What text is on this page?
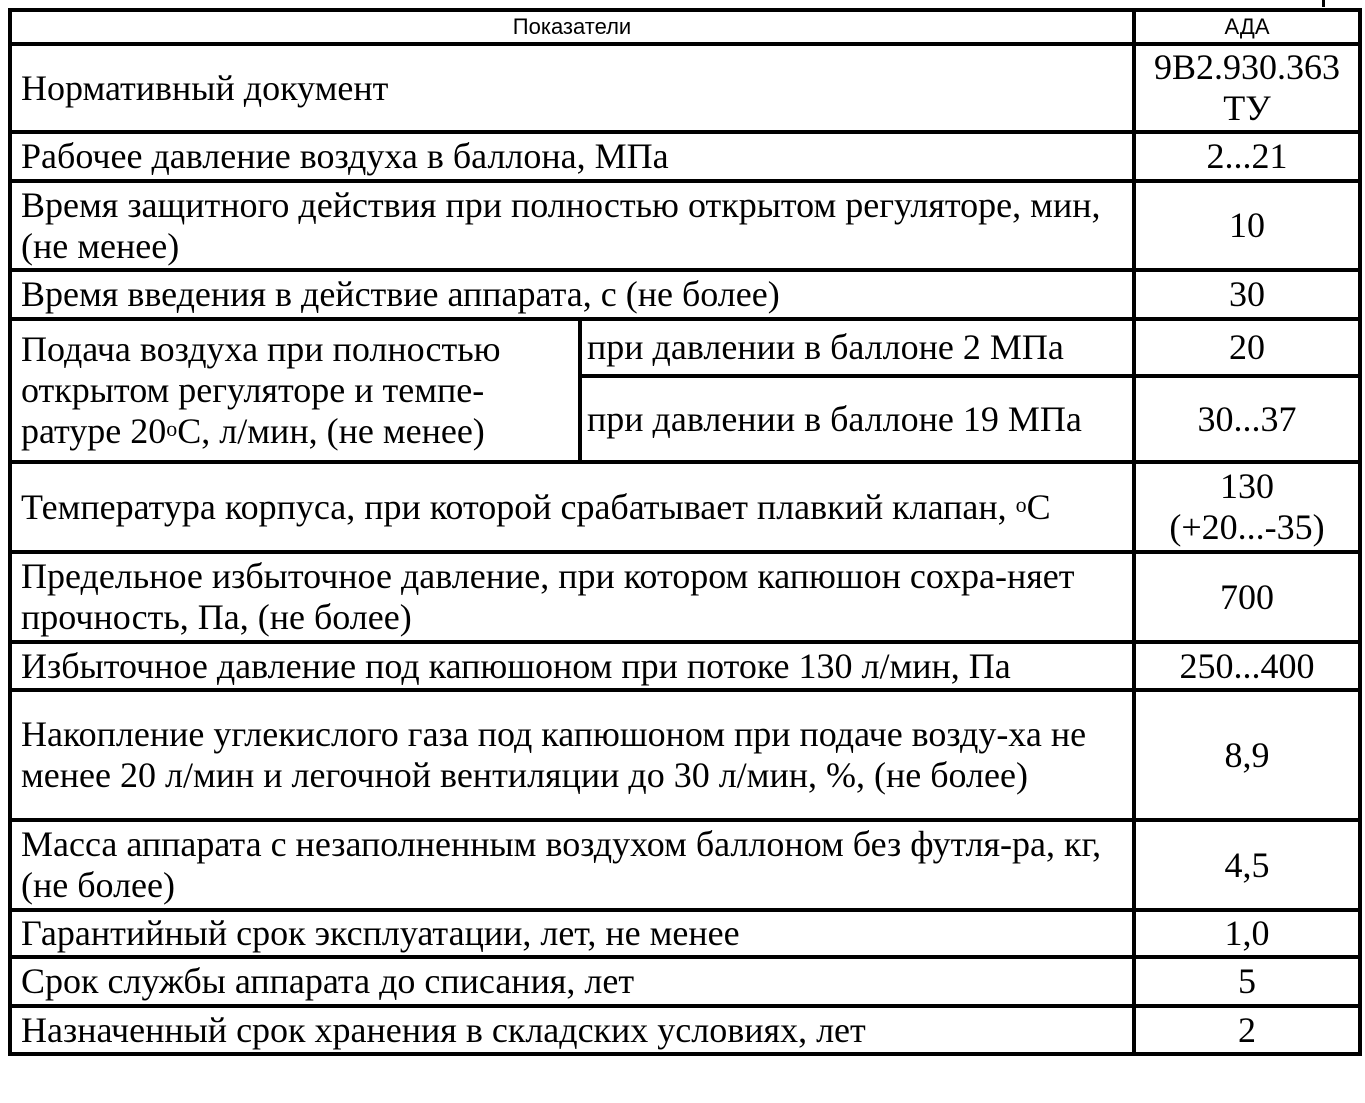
Показатели		АДА
Нормативный документ		9В2.930.363 ТУ
Рабочее давление воздуха в баллона, МПа		2...21
Время защитного действия при полностью открытом регуляторе, мин, (не менее)		10
Время введения в действие аппарата, с (не более)		30
Подача воздуха при полностью открытом регуляторе и темпе-ратуре $20^оС$, л/мин, (не менее)	при давлении в баллоне 2 МПа	20
	при давлении в баллоне 19 МПа	30...37
Температура корпуса, при которой срабатывает плавкий клапан, $^о$С		130 (+20...-35)
Предельное избыточное давление, при котором капюшон сохра-няет прочность, Па, (не более)		700
Избыточное давление под капюшоном при потоке 130 л/мин, Па		250...400
Накопление углекислого газа под капюшоном при подаче возду-ха не менее 20 л/мин и легочной вентиляции до 30 л/мин, %, (не более)		8,9
Масса аппарата с незаполненным воздухом баллоном без футля-ра, кг, (не более)		4,5
Гарантийный срок эксплуатации, лет, не менее		1,0
Срок службы аппарата до списания, лет		5
Назначенный срок хранения в складских условиях, лет		2
